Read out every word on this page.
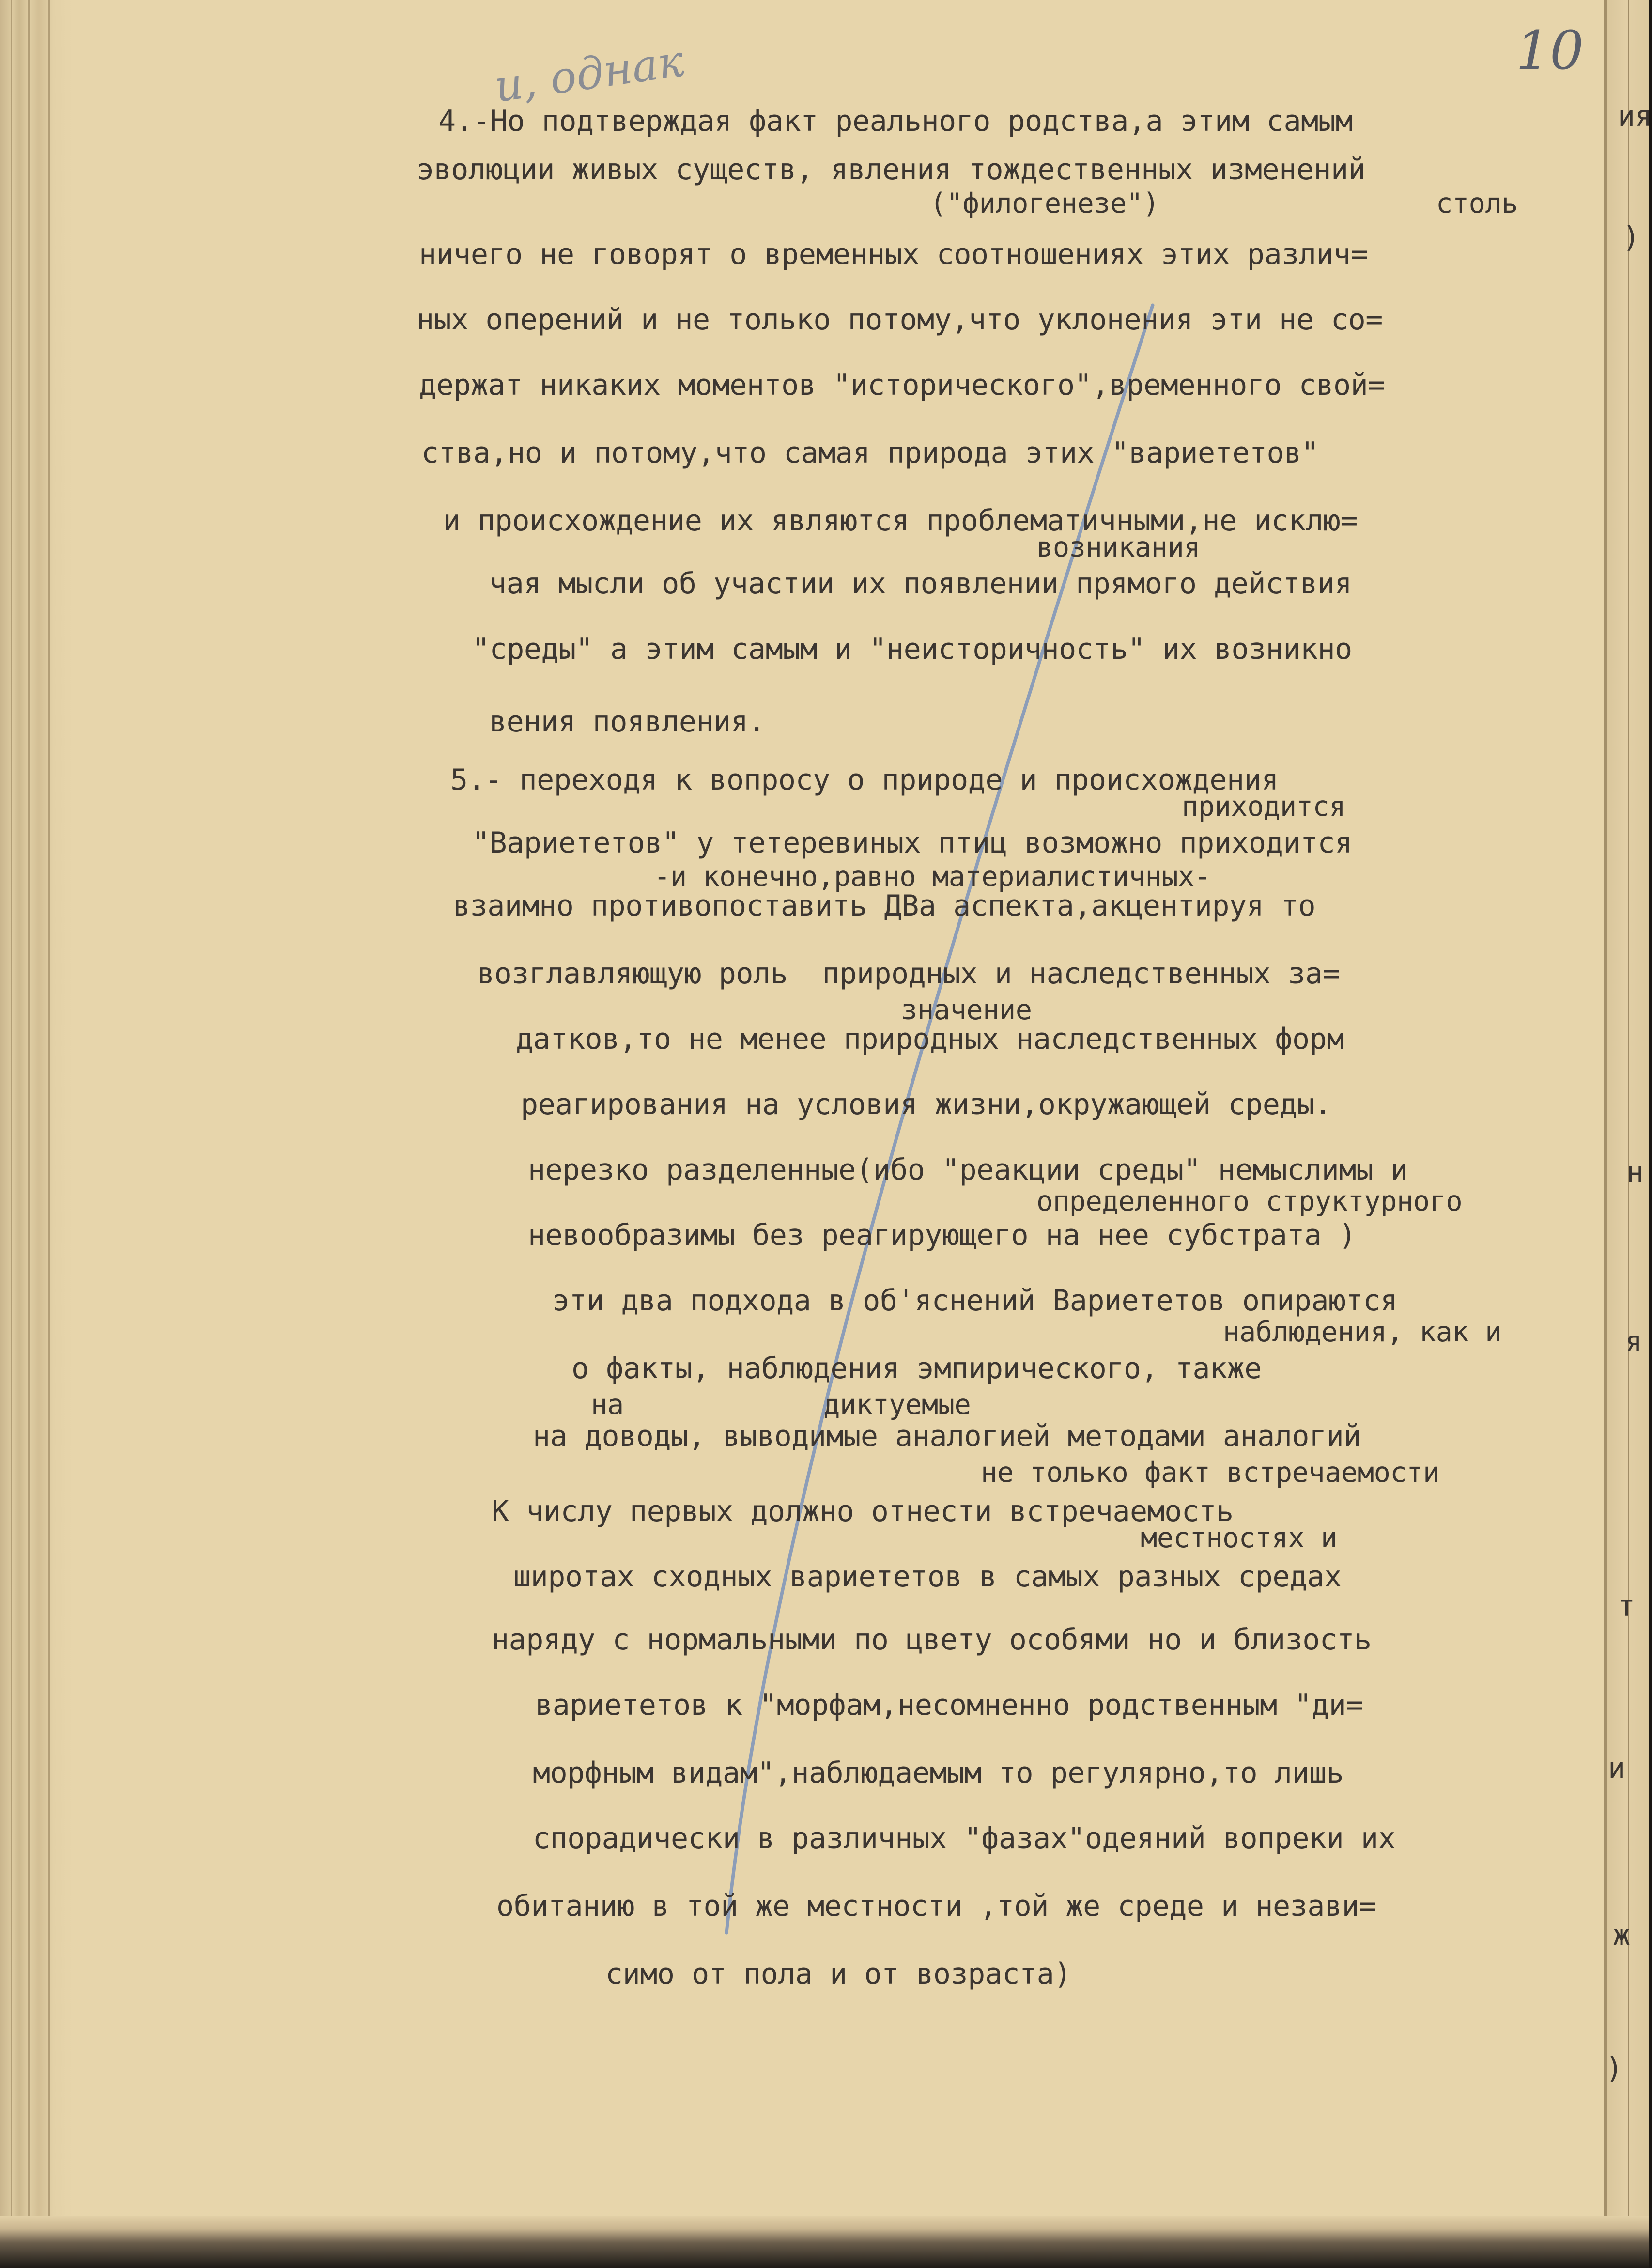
10
и, однак
ия
)
н
я
т
и
ж
)
4.-Но подтверждая факт реального родства,а этим самым
эволюции живых существ, явления тождественных изменений
("филогенезе")	столь
ничего не говорят о временных соотношениях этих различ=
ных оперений и не только потому,что уклонения эти не со=
держат никаких моментов "исторического",временного свой=
ства,но и потому,что самая природа этих "вариететов"
и происхождение их являются проблематичными,не исклю=
возникания
чая мысли об участии их появлении прямого действия
"среды" а этим самым и "неисторичность" их возникно
вения появления.
5.- переходя к вопросу о природе и происхождения
приходится
"Вариететов" у тетеревиных птиц возможно приходится
-и конечно,равно материалистичных-
взаимно противопоставить ДВа аспекта,акцентируя то
возглавляющую роль  природных и наследственных за=
значение
датков,то не менее природных наследственных форм
реагирования на условия жизни,окружающей среды.
нерезко разделенные(ибо "реакции среды" немыслимы и
определенного структурного
невообразимы без реагирующего на нее субстрата )
эти два подхода в об'яснений Вариететов опираются
наблюдения, как и
о факты, наблюдения эмпирического, также
на	диктуемые
на доводы, выводимые аналогией методами аналогий
не только факт встречаемости
К числу первых должно отнести встречаемость
местностях и
широтах сходных вариететов в самых разных средах
наряду с нормальными по цвету особями но и близость
вариететов к "морфам,несомненно родственным "ди=
морфным видам",наблюдаемым то регулярно,то лишь
спорадически в различных "фазах"одеяний вопреки их
обитанию в той же местности ,той же среде и незави=
симо от пола и от возраста)
